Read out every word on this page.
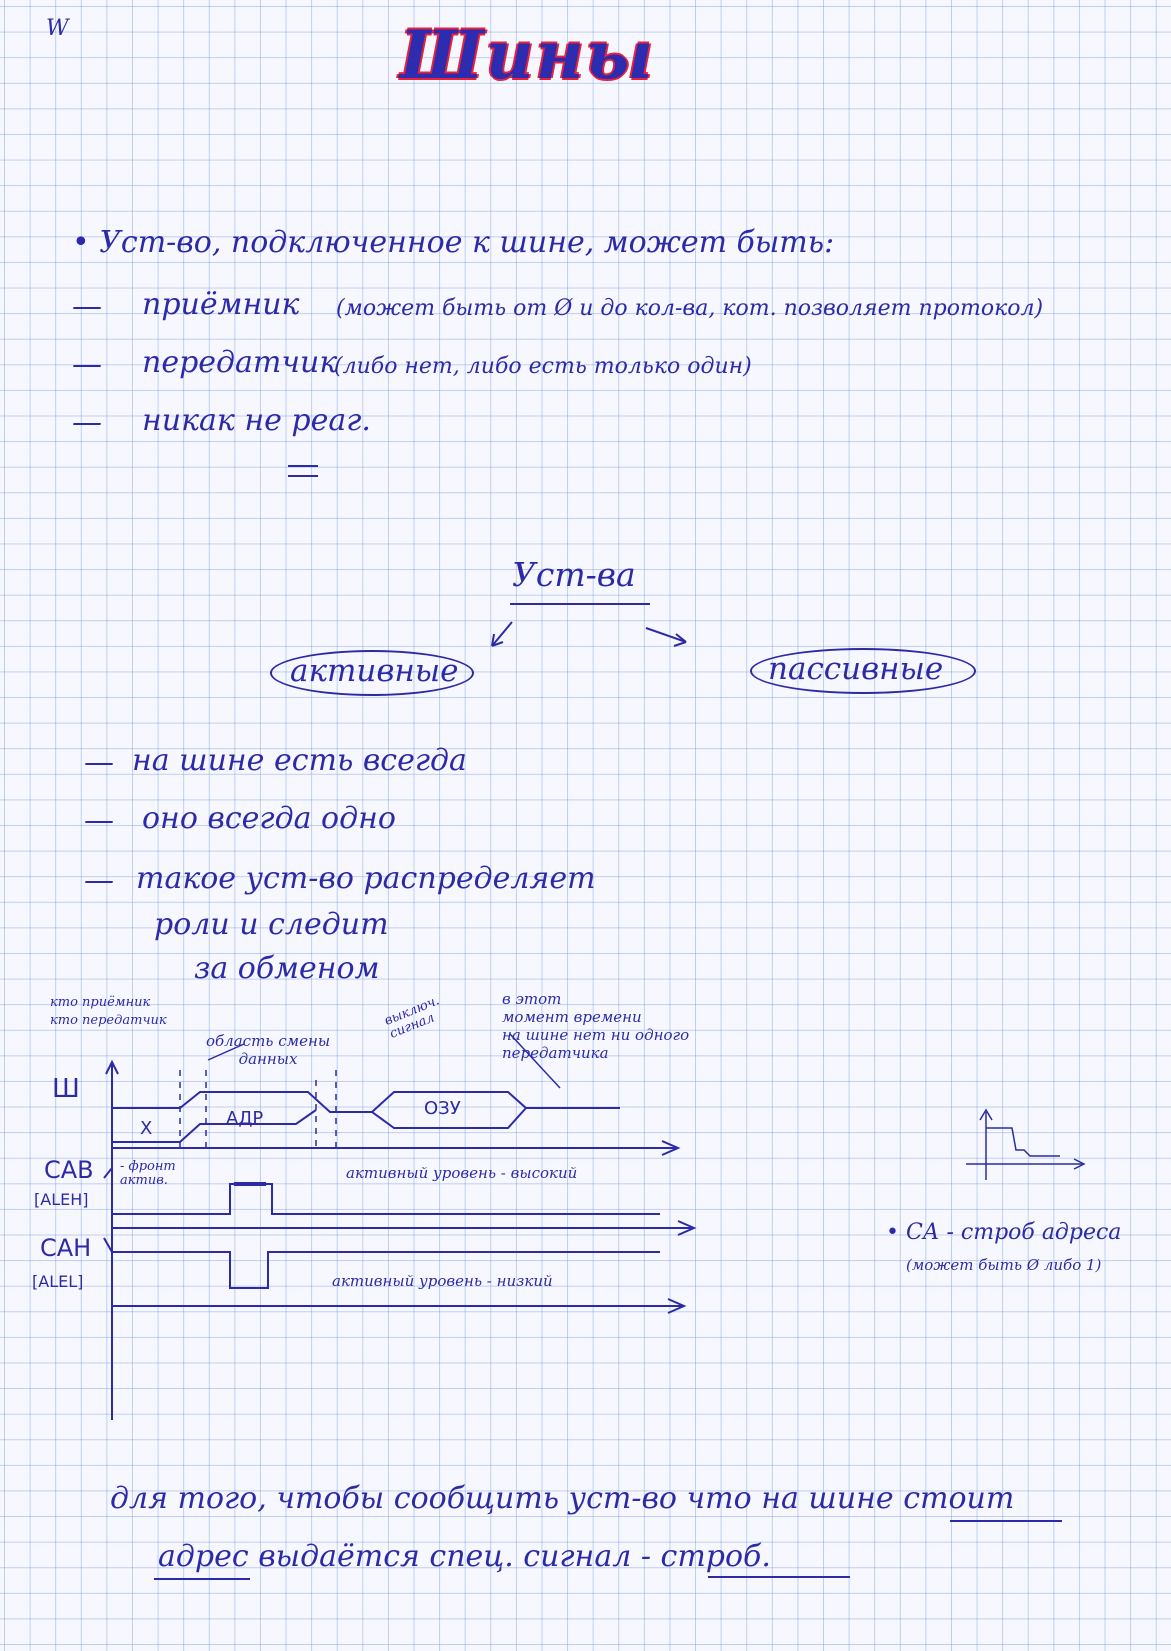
W	Шины
• Уст-во, подключенное к шине, может быть:
— приёмник (может быть от Ø и до кол-ва, кот. позволяет протокол)
— передатчик
(либо нет, либо есть только один)
— никак не реаг.
Уст-ва
активные	пассивные
— на шине есть всегда
— оно всегда одно
— такое уст-во распределяет
роли и следит
за обменом
кто приёмник
кто передатчик
область смены
данных
выключ.
сигнал
в этот
момент времени
на шине нет ни одного
передатчика
Ш
X	АДР	ОЗУ
САВ
[ALEH]
- фронт
актив.	активный уровень - высокий
САН
[ALEL]	активный уровень - низкий
• СА - строб адреса
(может быть Ø либо 1)
для того, чтобы сообщить уст-во что на шине стоит
адрес выдаётся спец. сигнал - строб.
